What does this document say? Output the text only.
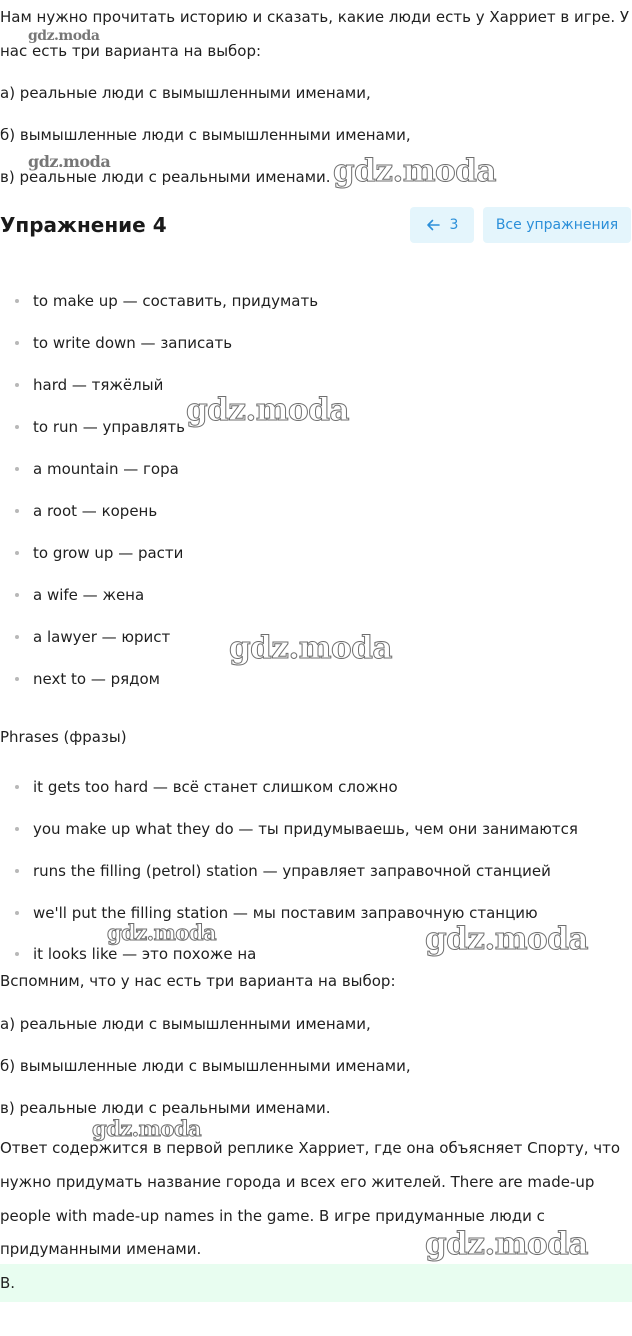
Нам нужно прочитать историю и сказать, какие люди есть у Харриет в игре. У

нас есть три варианта на выбор:

а) реальные люди с вымышленными именами,

б) вымышленные люди с вымышленными именами,

в) реальные люди с реальными именами.

Упражнение 4	3	Все упражнения
to make up — составить, придумать
to write down — записать
hard — тяжёлый
to run — управлять
a mountain — гора
a root — корень
to grow up — расти
a wife — жена
a lawyer — юрист
next to — рядом

Phrases (фразы)

it gets too hard — всё станет слишком сложно
you make up what they do — ты придумываешь, чем они занимаются
runs the filling (petrol) station — управляет заправочной станцией
we'll put the filling station — мы поставим заправочную станцию
it looks like — это похоже на

Вспомним, что у нас есть три варианта на выбор:

а) реальные люди с вымышленными именами,

б) вымышленные люди с вымышленными именами,

в) реальные люди с реальными именами.

Ответ содержится в первой реплике Харриет, где она объясняет Спорту, что

нужно придумать название города и всех его жителей. There are made-up

people with made-up names in the game. В игре придуманные люди с

придуманными именами.

В.
gdz.moda
gdz.moda	gdz.moda
gdz.moda
gdz.moda
gdz.moda	gdz.moda
gdz.moda
gdz.moda
